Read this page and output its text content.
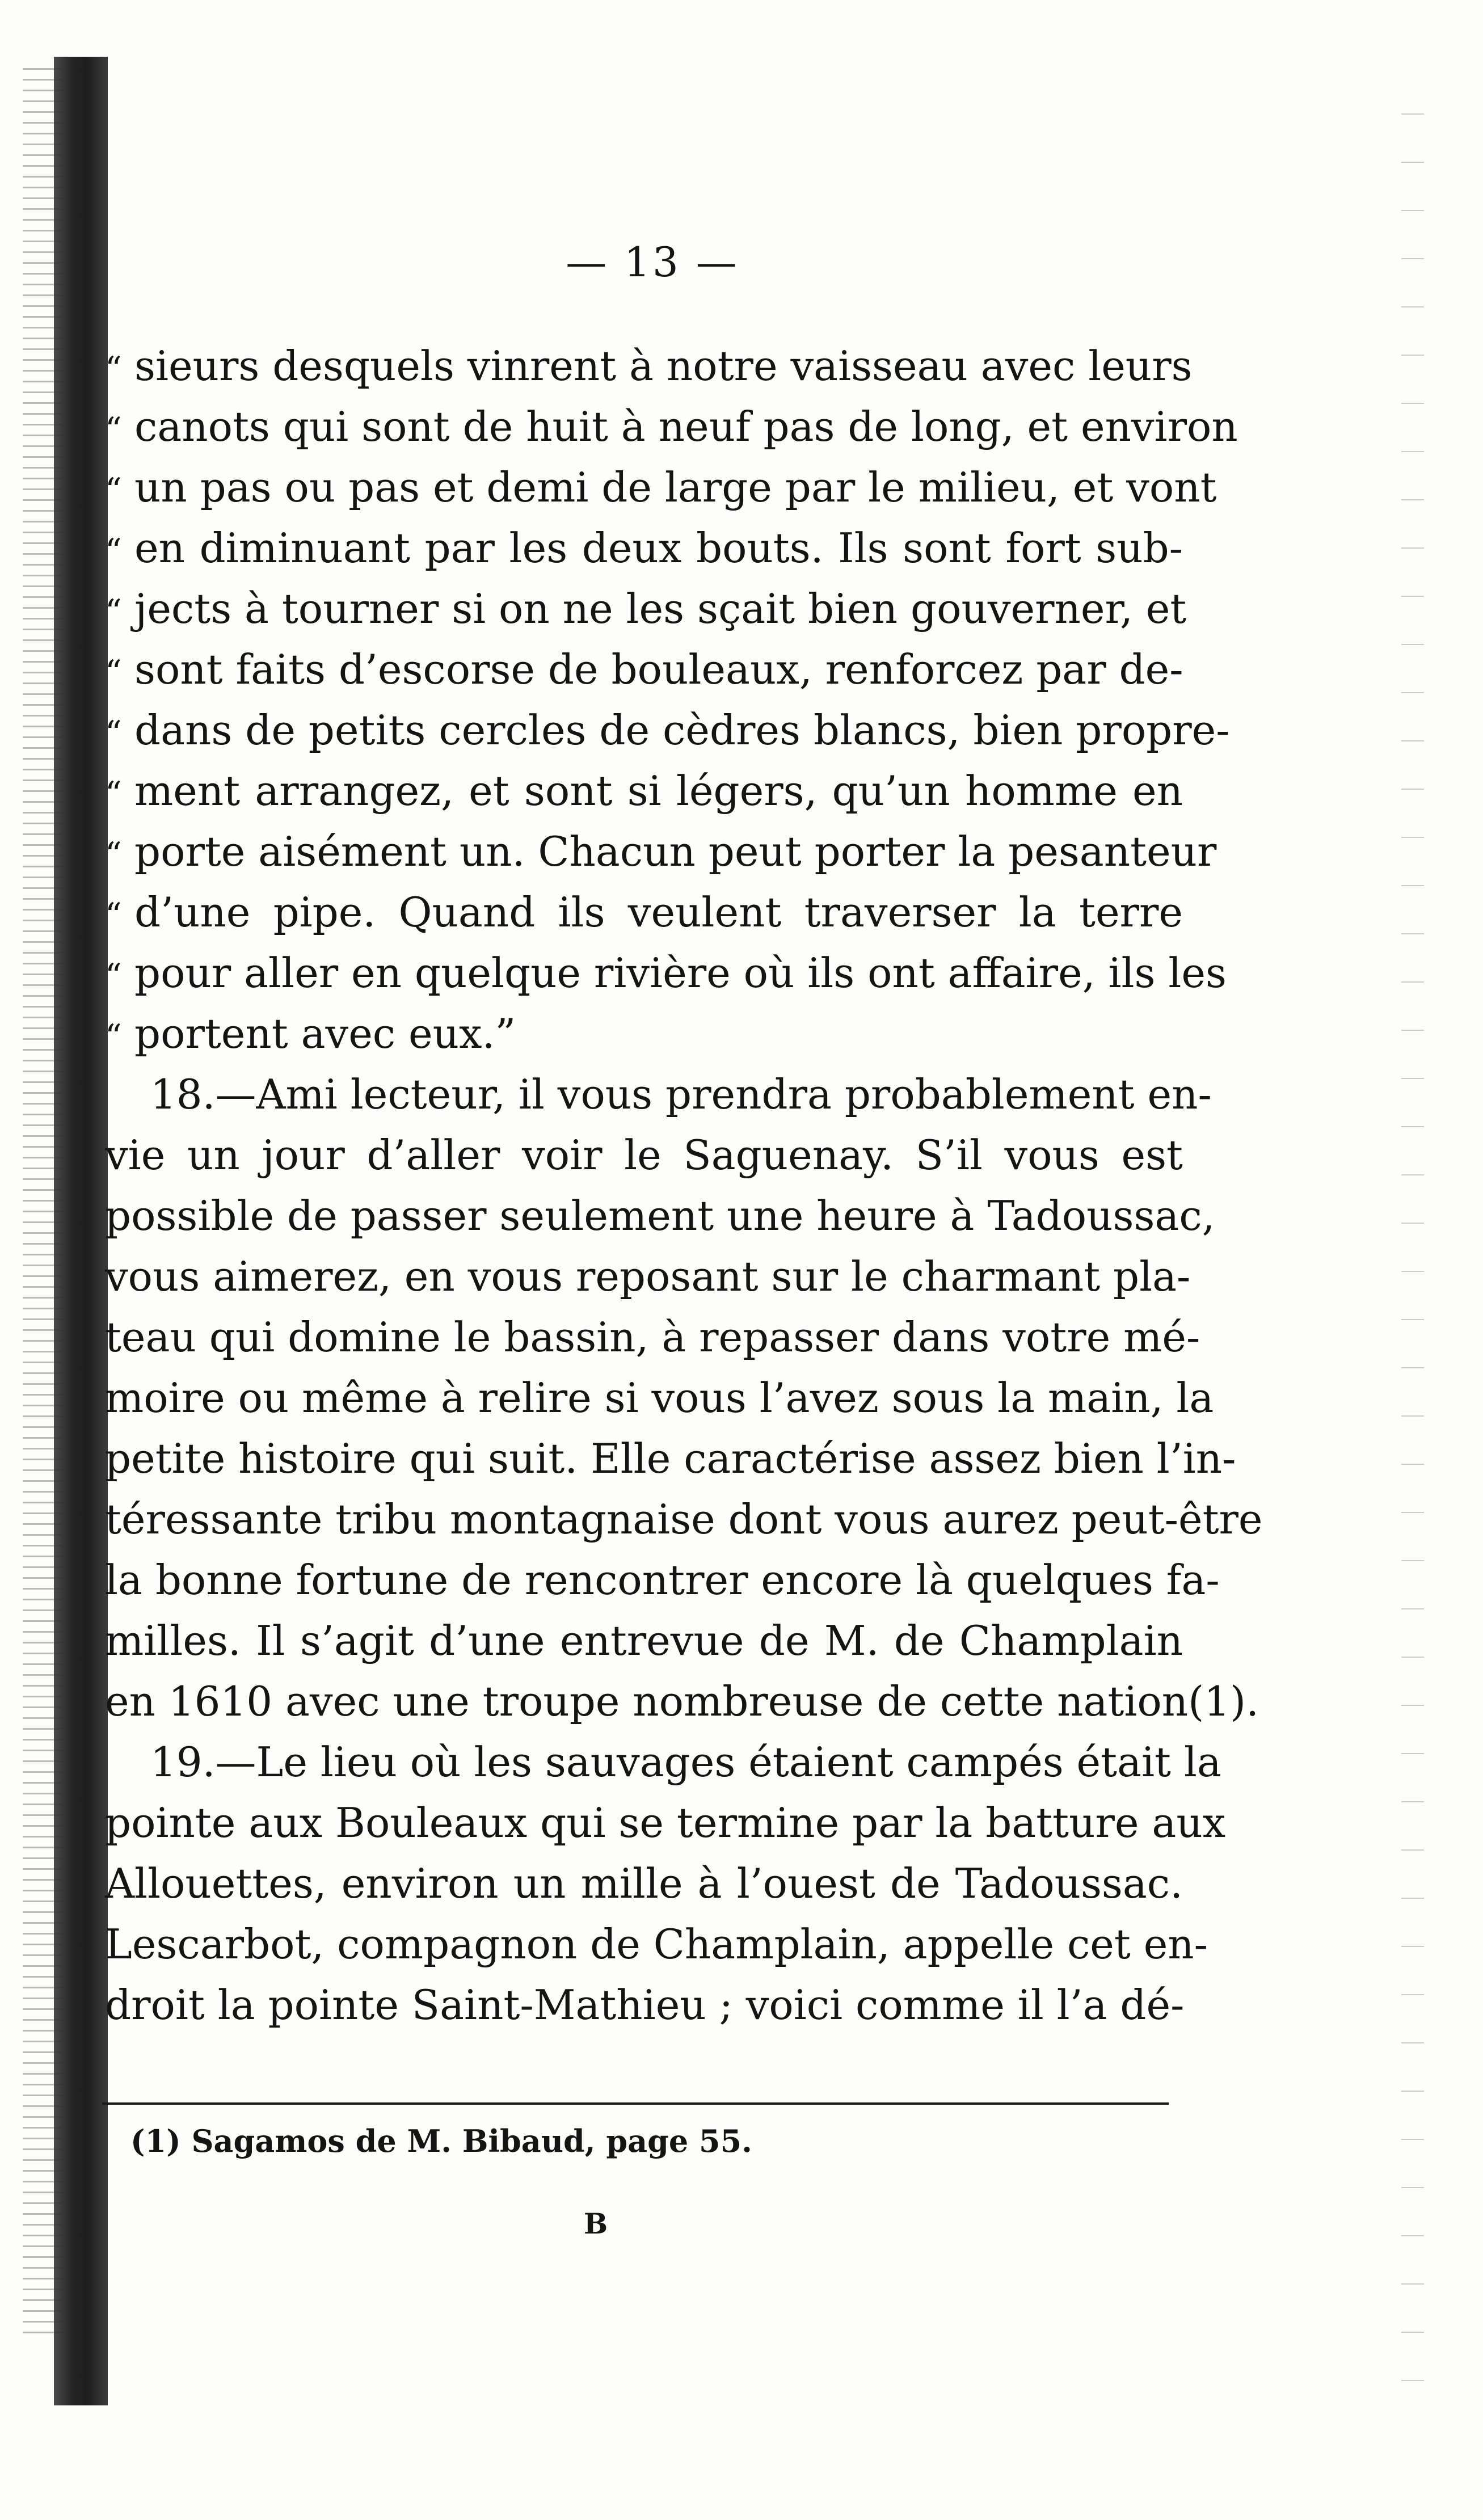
— 13 —
“ sieurs desquels vinrent à notre vaisseau avec leurs
“ canots qui sont de huit à neuf pas de long, et environ
“ un pas ou pas et demi de large par le milieu, et vont
“ en diminuant par les deux bouts. Ils sont fort sub-
“ jects à tourner si on ne les sçait bien gouverner, et
“ sont faits d’escorse de bouleaux, renforcez par de-
“ dans de petits cercles de cèdres blancs, bien propre-
“ ment arrangez, et sont si légers, qu’un homme en
“ porte aisément un. Chacun peut porter la pesanteur
“ d’une pipe. Quand ils veulent traverser la terre
“ pour aller en quelque rivière où ils ont affaire, ils les
“ portent avec eux.”
18.—Ami lecteur, il vous prendra probablement en-
vie un jour d’aller voir le Saguenay. S’il vous est
possible de passer seulement une heure à Tadoussac,
vous aimerez, en vous reposant sur le charmant pla-
teau qui domine le bassin, à repasser dans votre mé-
moire ou même à relire si vous l’avez sous la main, la
petite histoire qui suit. Elle caractérise assez bien l’in-
téressante tribu montagnaise dont vous aurez peut-être
la bonne fortune de rencontrer encore là quelques fa-
milles. Il s’agit d’une entrevue de M. de Champlain
en 1610 avec une troupe nombreuse de cette nation(1).
19.—Le lieu où les sauvages étaient campés était la
pointe aux Bouleaux qui se termine par la batture aux
Allouettes, environ un mille à l’ouest de Tadoussac.
Lescarbot, compagnon de Champlain, appelle cet en-
droit la pointe Saint-Mathieu ; voici comme il l’a dé-
(1) Sagamos de M. Bibaud, page 55.
B
